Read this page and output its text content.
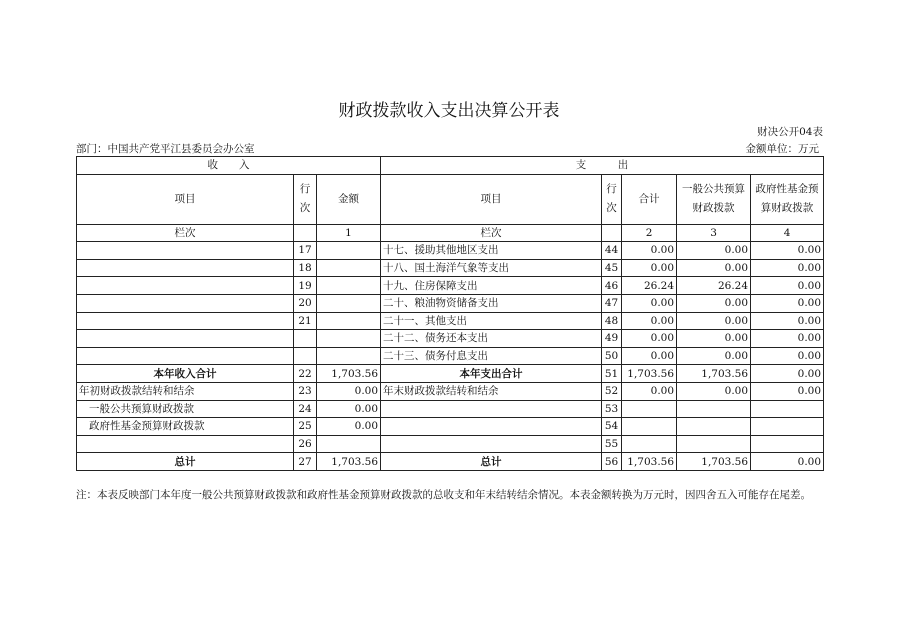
财政拨款收入支出决算公开表
财决公开04表
部门：中国共产党平江县委员会办公室	金额单位：万元
收　　入			支　　　出				
项目	行次	金额	项目	行次	合计	一般公共预算财政拨款	政府性基金预算财政拨款
栏次		1	栏次		2	3	4
	17		十七、援助其他地区支出	44	0.00	0.00	0.00
	18		十八、国土海洋气象等支出	45	0.00	0.00	0.00
	19		十九、住房保障支出	46	26.24	26.24	0.00
	20		二十、粮油物资储备支出	47	0.00	0.00	0.00
	21		二十一、其他支出	48	0.00	0.00	0.00
			二十二、债务还本支出	49	0.00	0.00	0.00
			二十三、债务付息支出	50	0.00	0.00	0.00
本年收入合计	22	1,703.56	本年支出合计	51	1,703.56	1,703.56	0.00
年初财政拨款结转和结余	23	0.00	年末财政拨款结转和结余	52	0.00	0.00	0.00
一般公共预算财政拨款	24	0.00		53			
政府性基金预算财政拨款	25	0.00		54			
	26			55			
总计	27	1,703.56	总计	56	1,703.56	1,703.56	0.00
注：本表反映部门本年度一般公共预算财政拨款和政府性基金预算财政拨款的总收支和年末结转结余情况。本表金额转换为万元时，因四舍五入可能存在尾差。
